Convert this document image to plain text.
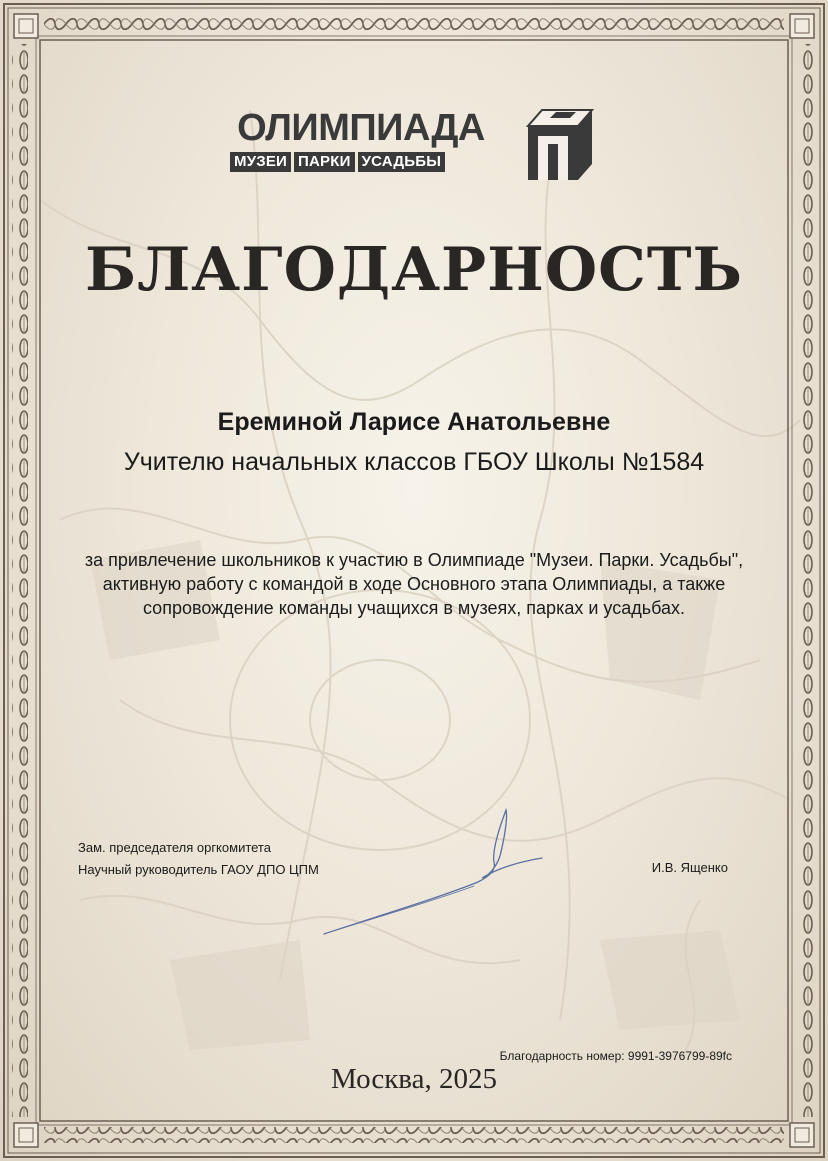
ОЛИМПИАДА
МУЗЕИ ПАРКИ УСАДЬБЫ
БЛАГОДАРНОСТЬ
Ереминой Ларисе Анатольевне
Учителю начальных классов ГБОУ Школы №1584
за привлечение школьников к участию в Олимпиаде "Музеи. Парки. Усадьбы", активную работу с командой в ходе Основного этапа Олимпиады, а также сопровождение команды учащихся в музеях, парках и усадьбах.
Зам. председателя оргкомитета
Научный руководитель ГАОУ ДПО ЦПМ	И.В. Ященко
Благодарность номер: 9991-3976799-89fc
Москва, 2025
